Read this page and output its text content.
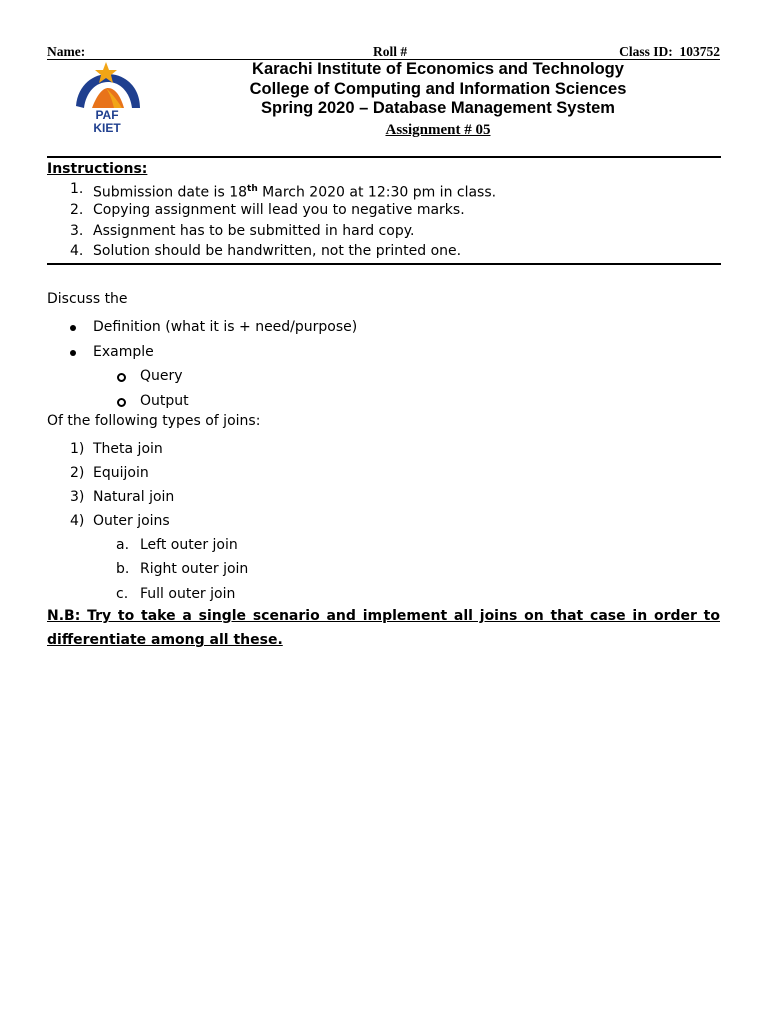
Name:	Roll #	Class ID: 103752
PAF
KIET
Karachi Institute of Economics and Technology
College of Computing and Information Sciences
Spring 2020 – Database Management System
Assignment # 05
Instructions:
1. Submission date is 18th March 2020 at 12:30 pm in class.
2. Copying assignment will lead you to negative marks.
3. Assignment has to be submitted in hard copy.
4. Solution should be handwritten, not the printed one.
Discuss the
Definition (what it is + need/purpose)
Example
Query
Output
Of the following types of joins:
1) Theta join
2) Equijoin
3) Natural join
4) Outer joins
a. Left outer join
b. Right outer join
c. Full outer join
N.B: Try to take a single scenario and implement all joins on that case in order to
differentiate among all these.
